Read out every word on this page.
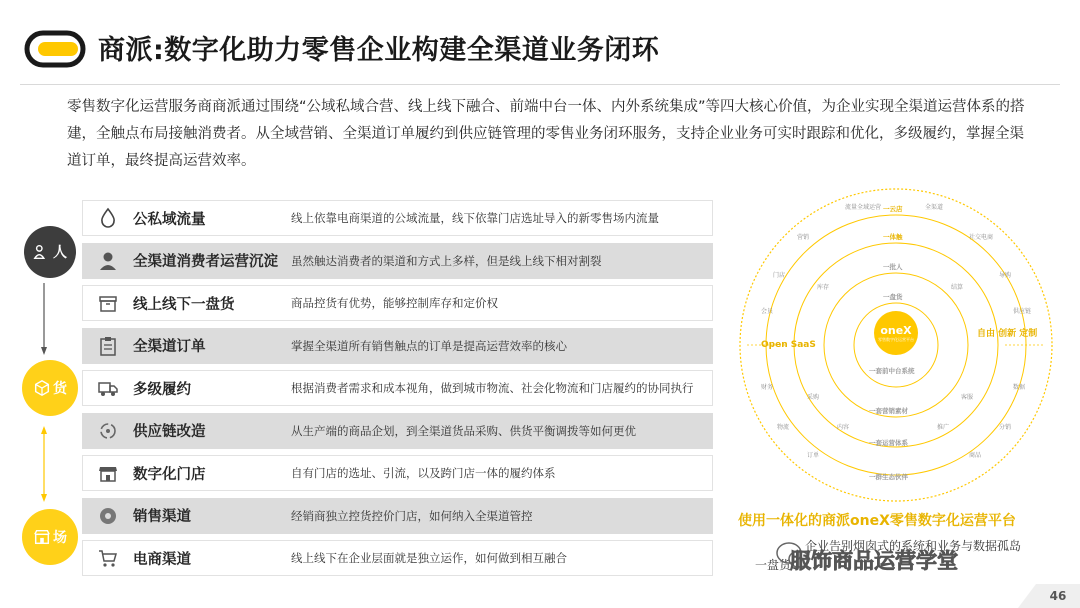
商派:数字化助力零售企业构建全渠道业务闭环
零售数字化运营服务商商派通过围绕“公域私域合营、线上线下融合、前端中台一体、内外系统集成”等四大核心价值，为企业实现全渠道运营体系的搭建，全触点布局接触消费者。从全域营销、全渠道订单履约到供应链管理的零售业务闭环服务，支持企业业务可实时跟踪和优化，多级履约，掌握全渠道订单，最终提高运营效率。
人
货
场
公私域流量	线上依靠电商渠道的公域流量，线下依靠门店选址导入的新零售场内流量
全渠道消费者运营沉淀	虽然触达消费者的渠道和方式上多样，但是线上线下相对割裂
线上线下一盘货	商品控货有优势，能够控制库存和定价权
全渠道订单	掌握全渠道所有销售触点的订单是提高运营效率的核心
多级履约	根据消费者需求和成本视角，做到城市物流、社会化物流和门店履约的协同执行
供应链改造	从生产端的商品企划，到全渠道货品采购、供货平衡调拨等如何更优
数字化门店	自有门店的选址、引流，以及跨门店一体的履约体系
销售渠道	经销商独立控货控价门店，如何纳入全渠道管控
电商渠道	线上线下在企业层面就是独立运作，如何做到相互融合
oneX
零售数字化运营平台
一云店
一体触
一批人
一盘货
一套前中台系统
一套营销素材
一套运营体系
一群生态伙伴
Open SaaS
自由 创新 定制
流量全域运营	全渠道
营销	社交电商
门店	导购
会员	供应链
财务	数据
物流	分销
订单	商品
库存	结算
采购	客服
内容	推广
使用一体化的商派oneX零售数字化运营平台
企业告别烟囱式的系统和业务与数据孤岛
一盘货
服饰商品运营学堂
46
